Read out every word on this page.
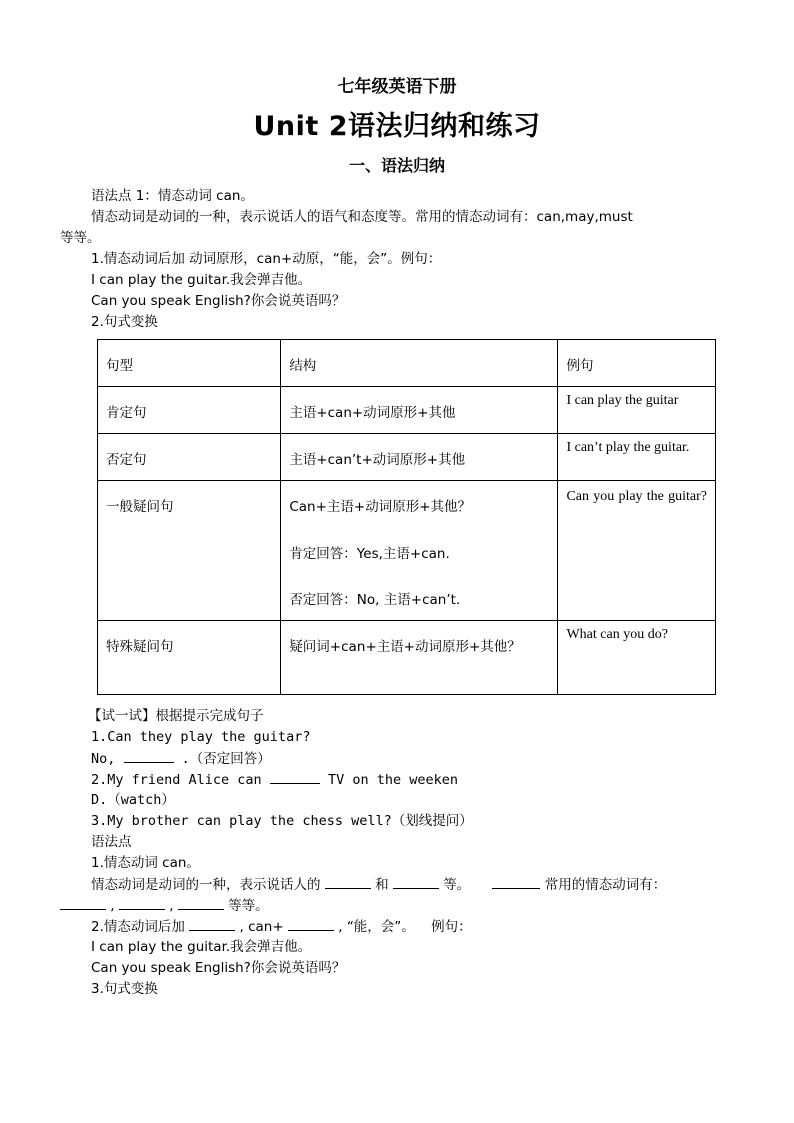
七年级英语下册
Unit 2语法归纳和练习
一、语法归纳
语法点 1：情态动词 can。
情态动词是动词的一种，表示说话人的语气和态度等。常用的情态动词有：can,may,must
等等。
1.情态动词后加 动词原形，can+动原，“能，会”。例句：
I can play the guitar.我会弹吉他。
Can you speak English?你会说英语吗？
2.句式变换
句型	结构	例句
肯定句	主语+can+动词原形+其他	I can play the guitar
否定句	主语+can’t+动词原形+其他	I can’t play the guitar.
一般疑问句	Can+主语+动词原形+其他？
肯定回答：Yes,主语+can.
否定回答：No, 主语+can’t.	Can you play the guitar?
特殊疑问句	疑问词+can+主语+动词原形+其他？	What can you do?
【试一试】根据提示完成句子
1.Can they play the guitar?
No,	.（否定回答）
2.My friend Alice can	TV on the weeken
D.（watch）
3.My brother can play the chess well?（划线提问）
语法点
1.情态动词 can。
情态动词是动词的一种，表示说话人的	和	等。	常用的情态动词有：
,	,	等等。
2.情态动词后加	, can+	, “能，会”。 例句：
I can play the guitar.我会弹吉他。
Can you speak English?你会说英语吗？
3.句式变换
